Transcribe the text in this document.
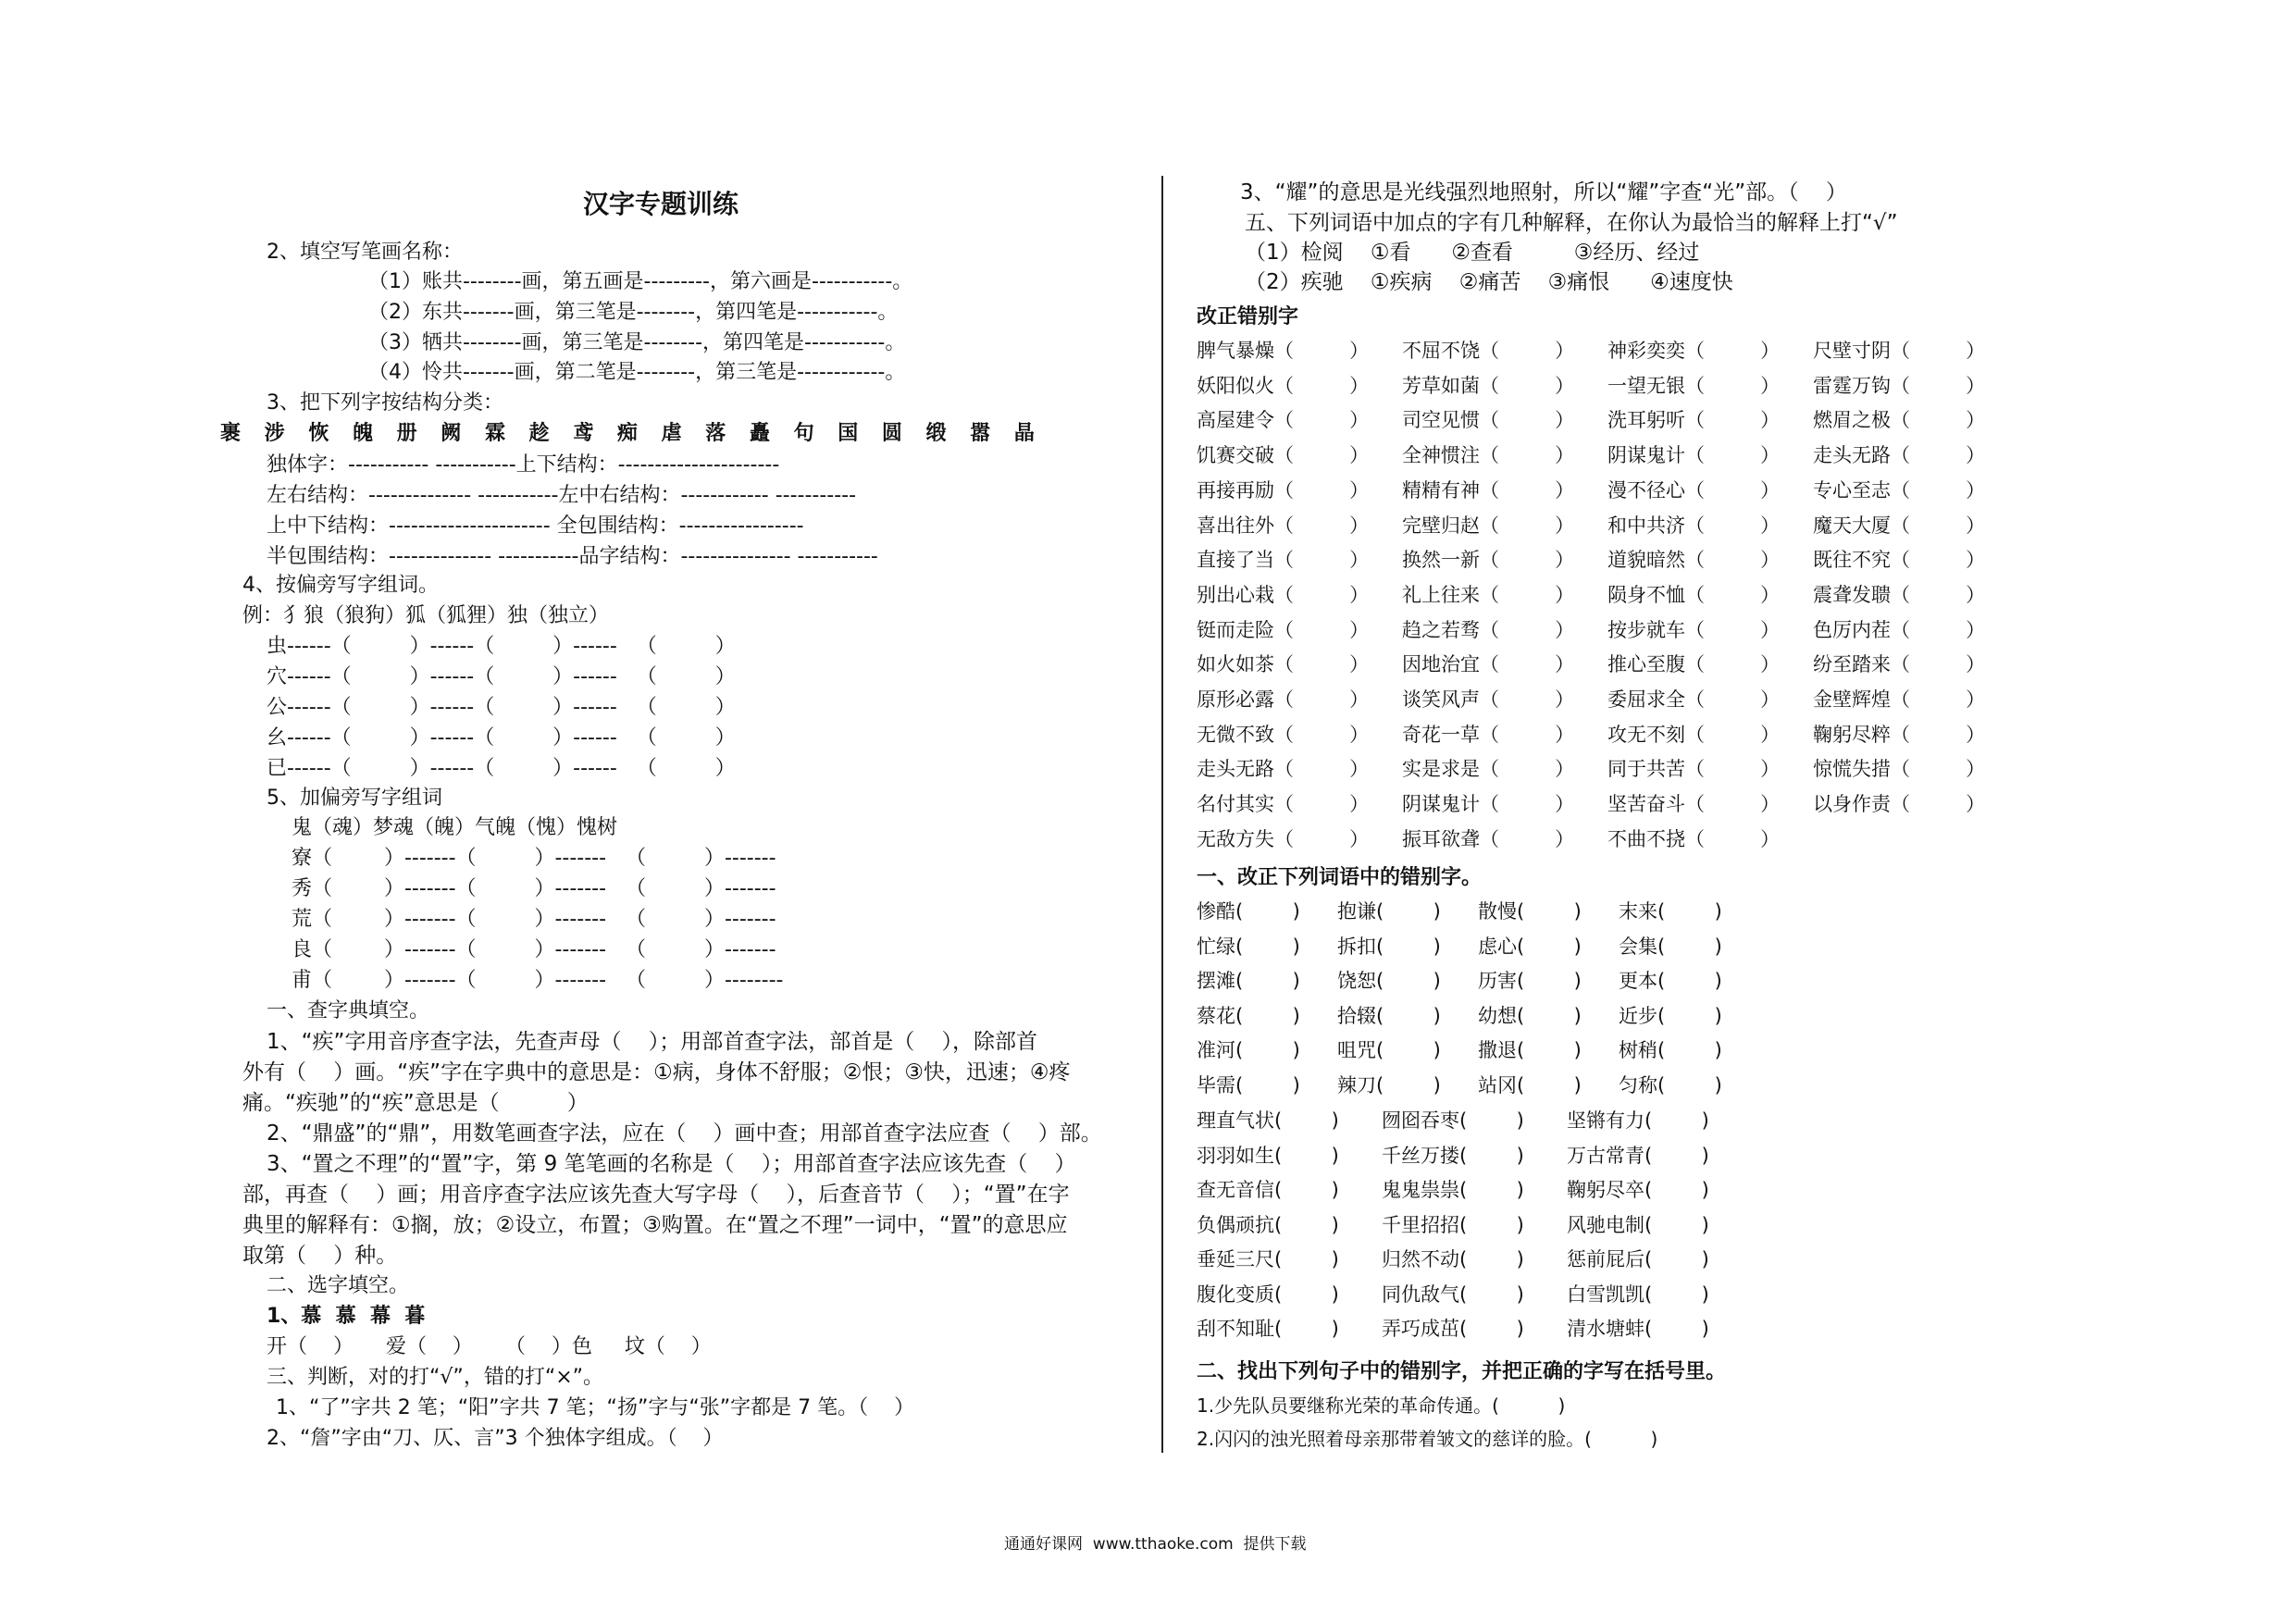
汉字专题训练
2、填空写笔画名称：
（1）账共--------画，第五画是---------，第六画是-----------。
（2）东共-------画，第三笔是--------，第四笔是-----------。
（3）牺共--------画，第三笔是--------，第四笔是-----------。
（4）怜共-------画，第二笔是--------，第三笔是------------。
3、把下列字按结构分类：
裹 涉 恢 魄 册 阙 霖 趁 鸢 痴 虐 落 矗 句 国 圆 缎 嚣 晶
独体字：----------- -----------上下结构：----------------------
左右结构：-------------- -----------左中右结构：------------ -----------
上中下结构：---------------------- 全包围结构：-----------------
半包围结构：-------------- -----------品字结构：--------------- -----------
4、按偏旁写字组词。
例：犭狼（狼狗）狐（狐狸）独（独立）
虫------（         ）------（         ）------   （         ）
穴------（         ）------（         ）------   （         ）
公------（         ）------（         ）------   （         ）
幺------（         ）------（         ）------   （         ）
已------（         ）------（         ）------   （         ）
5、加偏旁写字组词
鬼（魂）梦魂（魄）气魄（愧）愧树
寮（        ）-------（         ）-------   （         ）-------
秀（        ）-------（         ）-------   （         ）-------
荒（        ）-------（         ）-------   （         ）-------
良（        ）-------（         ）-------   （         ）-------
甫（        ）-------（         ）-------   （         ）--------
一、查字典填空。
1、“疾”字用音序查字法，先查声母（    ）；用部首查字法，部首是（    ），除部首
外有（    ）画。“疾”字在字典中的意思是：①病，身体不舒服；②恨；③快，迅速；④疼
痛。“疾驰”的“疾”意思是（          ）
2、“鼎盛”的“鼎”，用数笔画查字法，应在（    ）画中查；用部首查字法应查（    ）部。
3、“置之不理”的“置”字，第 9 笔笔画的名称是（    ）；用部首查字法应该先查（    ）
部，再查（    ）画；用音序查字法应该先查大写字母（    ），后查音节（    ）；“置”在字
典里的解释有：①搁，放；②设立，布置；③购置。在“置之不理”一词中，“置”的意思应
取第（    ）种。
二、选字填空。
1、慕  慕  幕  暮
开（    ）     爱（    ）     （    ）色     坟（    ）
三、判断，对的打“√”，错的打“×”。
1、“了”字共 2 笔；“阳”字共 7 笔；“扬”字与“张”字都是 7 笔。（    ）
2、“詹”字由“刀、仄、言”3 个独体字组成。（    ）
3、“耀”的意思是光线强烈地照射，所以“耀”字查“光”部。（    ）
五、下列词语中加点的字有几种解释，在你认为最恰当的解释上打“√”
（1）检阅    ①看      ②查看         ③经历、经过
（2）疾驰    ①疾病    ②痛苦    ③痛恨      ④速度快
改正错别字
脾气暴燥（         ） 不屈不饶（         ） 神彩奕奕（         ） 尺壁寸阴（         ）
妖阳似火（         ） 芳草如菌（         ） 一望无银（         ） 雷霆万钩（         ）
高屋建令（         ） 司空见惯（         ） 洗耳躬听（         ） 燃眉之极（         ）
饥赛交破（         ） 全神惯注（         ） 阴谋鬼计（         ） 走头无路（         ）
再接再励（         ） 精精有神（         ） 漫不径心（         ） 专心至志（         ）
喜出往外（         ） 完壁归赵（         ） 和中共济（         ） 魔天大厦（         ）
直接了当（         ） 换然一新（         ） 道貌暗然（         ） 既往不究（         ）
别出心栽（         ） 礼上往来（         ） 陨身不恤（         ） 震聋发聩（         ）
铤而走险（         ） 趋之若骛（         ） 按步就车（         ） 色厉内茬（         ）
如火如茶（         ） 因地治宜（         ） 推心至腹（         ） 纷至踏来（         ）
原形必露（         ） 谈笑风声（         ） 委屈求全（         ） 金壁辉煌（         ）
无微不致（         ） 奇花一草（         ） 攻无不刻（         ） 鞠躬尽粹（         ）
走头无路（         ） 实是求是（         ） 同于共苦（         ） 惊慌失措（         ）
名付其实（         ） 阴谋鬼计（         ） 坚苦奋斗（         ） 以身作责（         ）
无敌方失（         ） 振耳欲聋（         ） 不曲不挠（         ）
一、改正下列词语中的错别字。
惨酷(        ) 抱谦(        ) 散慢(        ) 末来(        )
忙绿(        ) 拆扣(        ) 虑心(        ) 会集(        )
摆滩(        ) 饶恕(        ) 历害(        ) 更本(        )
蔡花(        ) 拾辍(        ) 幼想(        ) 近步(        )
准河(        ) 咀咒(        ) 撒退(        ) 树稍(        )
毕需(        ) 辣刀(        ) 站冈(        ) 匀称(        )
理直气状(        ) 囫囵吞枣(        ) 坚锵有力(        )
羽羽如生(        ) 千丝万搂(        ) 万古常青(        )
查无音信(        ) 鬼鬼祟祟(        ) 鞠躬尽卒(        )
负偶顽抗(        ) 千里招招(        ) 风驰电制(        )
垂延三尺(        ) 归然不动(        ) 惩前屁后(        )
腹化变质(        ) 同仇敌气(        ) 白雪凯凯(        )
刮不知耻(        ) 弄巧成茁(        ) 清水塘蚌(        )
二、找出下列句子中的错别字，并把正确的字写在括号里。
1.少先队员要继称光荣的革命传通。(          )
2.闪闪的浊光照着母亲那带着皱文的慈详的脸。(          )
通通好课网  www.tthaoke.com  提供下载
